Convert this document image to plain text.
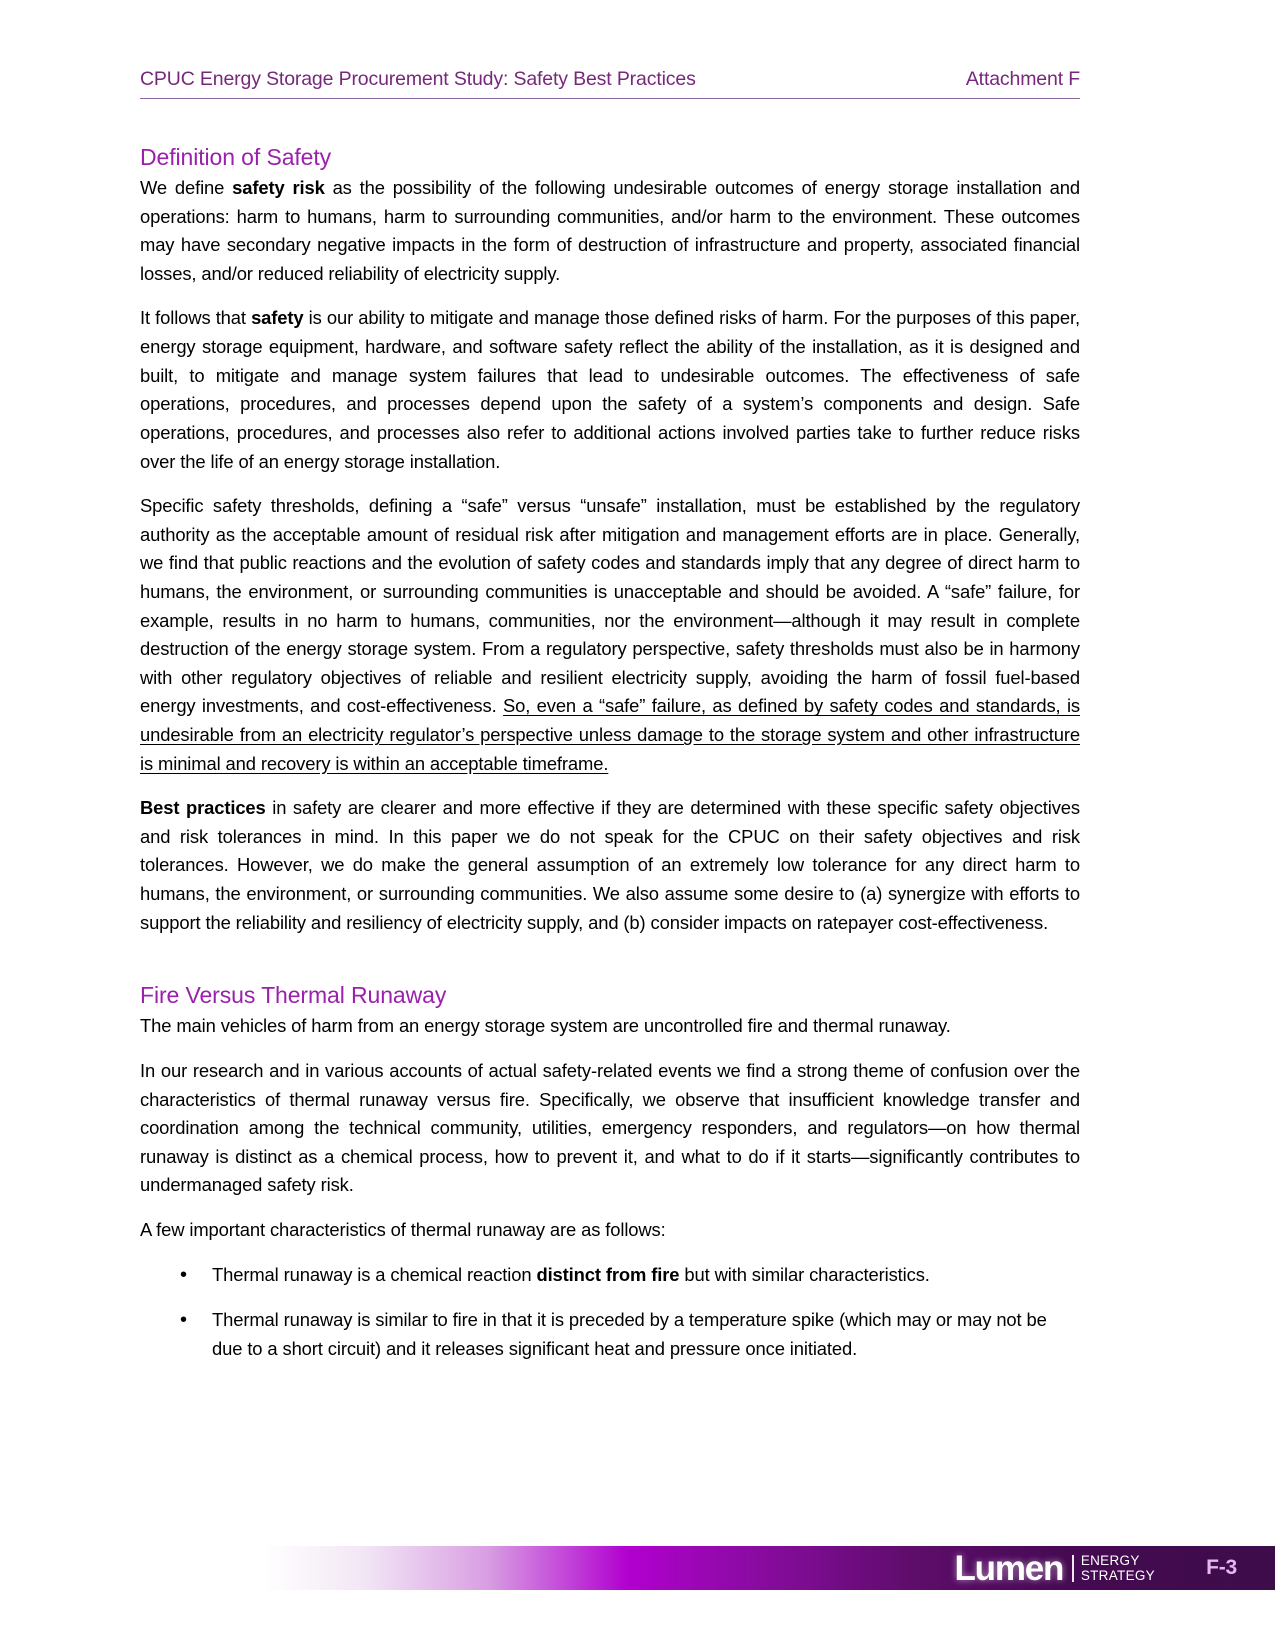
CPUC Energy Storage Procurement Study: Safety Best Practices	Attachment F
Definition of Safety

We define safety risk as the possibility of the following undesirable outcomes of energy storage installation and operations: harm to humans, harm to surrounding communities, and/or harm to the environment. These outcomes may have secondary negative impacts in the form of destruction of infrastructure and property, associated financial losses, and/or reduced reliability of electricity supply.

It follows that safety is our ability to mitigate and manage those defined risks of harm. For the purposes of this paper, energy storage equipment, hardware, and software safety reflect the ability of the installation, as it is designed and built, to mitigate and manage system failures that lead to undesirable outcomes. The effectiveness of safe operations, procedures, and processes depend upon the safety of a system’s components and design. Safe operations, procedures, and processes also refer to additional actions involved parties take to further reduce risks over the life of an energy storage installation.

Specific safety thresholds, defining a “safe” versus “unsafe” installation, must be established by the regulatory authority as the acceptable amount of residual risk after mitigation and management efforts are in place. Generally, we find that public reactions and the evolution of safety codes and standards imply that any degree of direct harm to humans, the environment, or surrounding communities is unacceptable and should be avoided. A “safe” failure, for example, results in no harm to humans, communities, nor the environment—although it may result in complete destruction of the energy storage system. From a regulatory perspective, safety thresholds must also be in harmony with other regulatory objectives of reliable and resilient electricity supply, avoiding the harm of fossil fuel-based energy investments, and cost-effectiveness. So, even a “safe” failure, as defined by safety codes and standards, is undesirable from an electricity regulator’s perspective unless damage to the storage system and other infrastructure is minimal and recovery is within an acceptable timeframe.

Best practices in safety are clearer and more effective if they are determined with these specific safety objectives and risk tolerances in mind. In this paper we do not speak for the CPUC on their safety objectives and risk tolerances. However, we do make the general assumption of an extremely low tolerance for any direct harm to humans, the environment, or surrounding communities. We also assume some desire to (a) synergize with efforts to support the reliability and resiliency of electricity supply, and (b) consider impacts on ratepayer cost-effectiveness.

Fire Versus Thermal Runaway

The main vehicles of harm from an energy storage system are uncontrolled fire and thermal runaway.

In our research and in various accounts of actual safety-related events we find a strong theme of confusion over the characteristics of thermal runaway versus fire. Specifically, we observe that insufficient knowledge transfer and coordination among the technical community, utilities, emergency responders, and regulators—on how thermal runaway is distinct as a chemical process, how to prevent it, and what to do if it starts—significantly contributes to undermanaged safety risk.

A few important characteristics of thermal runaway are as follows:

• Thermal runaway is a chemical reaction distinct from fire but with similar characteristics.
• Thermal runaway is similar to fire in that it is preceded by a temperature spike (which may or may not be due to a short circuit) and it releases significant heat and pressure once initiated.
Lumen ENERGY
STRATEGY F-3
